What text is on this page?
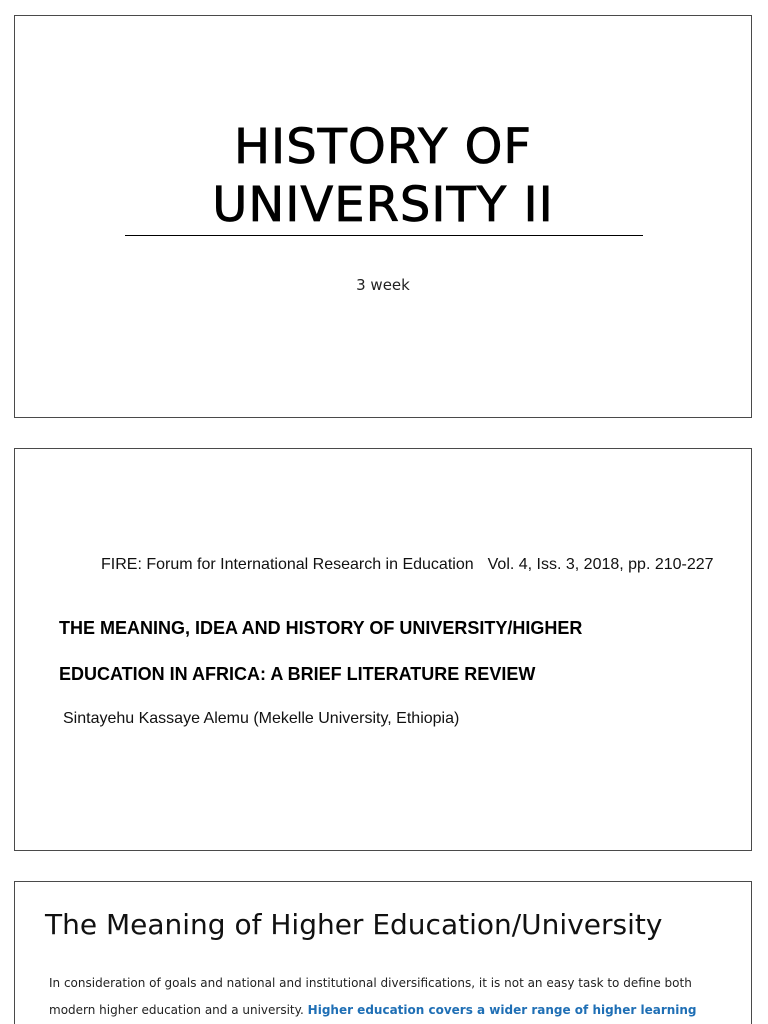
HISTORY OF
UNIVERSITY II
3 week
FIRE: Forum for International Research in Education Vol. 4, Iss. 3, 2018, pp. 210-227
THE MEANING, IDEA AND HISTORY OF UNIVERSITY/HIGHER
EDUCATION IN AFRICA: A BRIEF LITERATURE REVIEW
Sintayehu Kassaye Alemu (Mekelle University, Ethiopia)
The Meaning of Higher Education/University
In consideration of goals and national and institutional diversifications, it is not an easy task to define both
modern higher education and a university. Higher education covers a wider range of higher learning
